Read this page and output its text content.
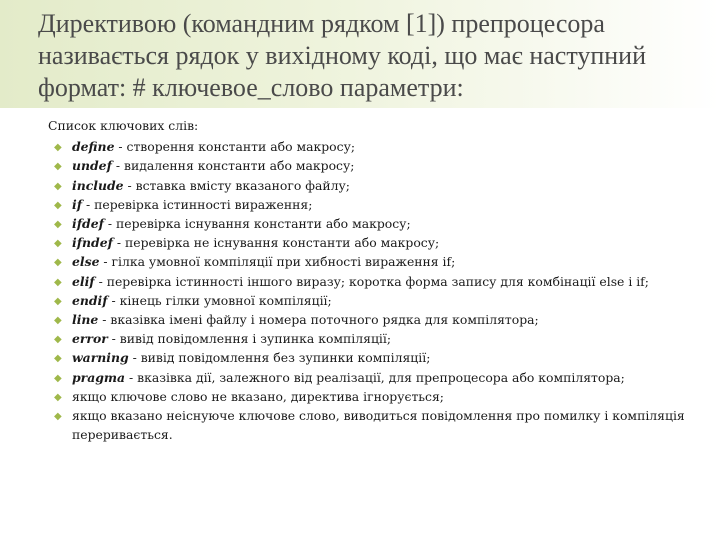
Директивою (командним рядком [1]) препроцесора називається рядок у вихідному коді, що має наступний формат: # ключевое_слово параметри:
Список ключових слів:
◆ define - створення константи або макросу;
◆ undef - видалення константи або макросу;
◆ include - вставка вмісту вказаного файлу;
◆ if - перевірка істинності вираження;
◆ ifdef - перевірка існування константи або макросу;
◆ ifndef - перевірка не існування константи або макросу;
◆ else - гілка умовної компіляції при хибності вираження if;
◆ elif - перевірка істинності іншого виразу; коротка форма запису для комбінації else і if;
◆ endif - кінець гілки умовної компіляції;
◆ line - вказівка імені файлу і номера поточного рядка для компілятора;
◆ error - вивід повідомлення і зупинка компіляції;
◆ warning - вивід повідомлення без зупинки компіляції;
◆ pragma - вказівка дії, залежного від реалізації, для препроцесора або компілятора;
◆ якщо ключове слово не вказано, директива ігнорується;
◆ якщо вказано неіснуюче ключове слово, виводиться повідомлення про помилку і компіляція переривається.
